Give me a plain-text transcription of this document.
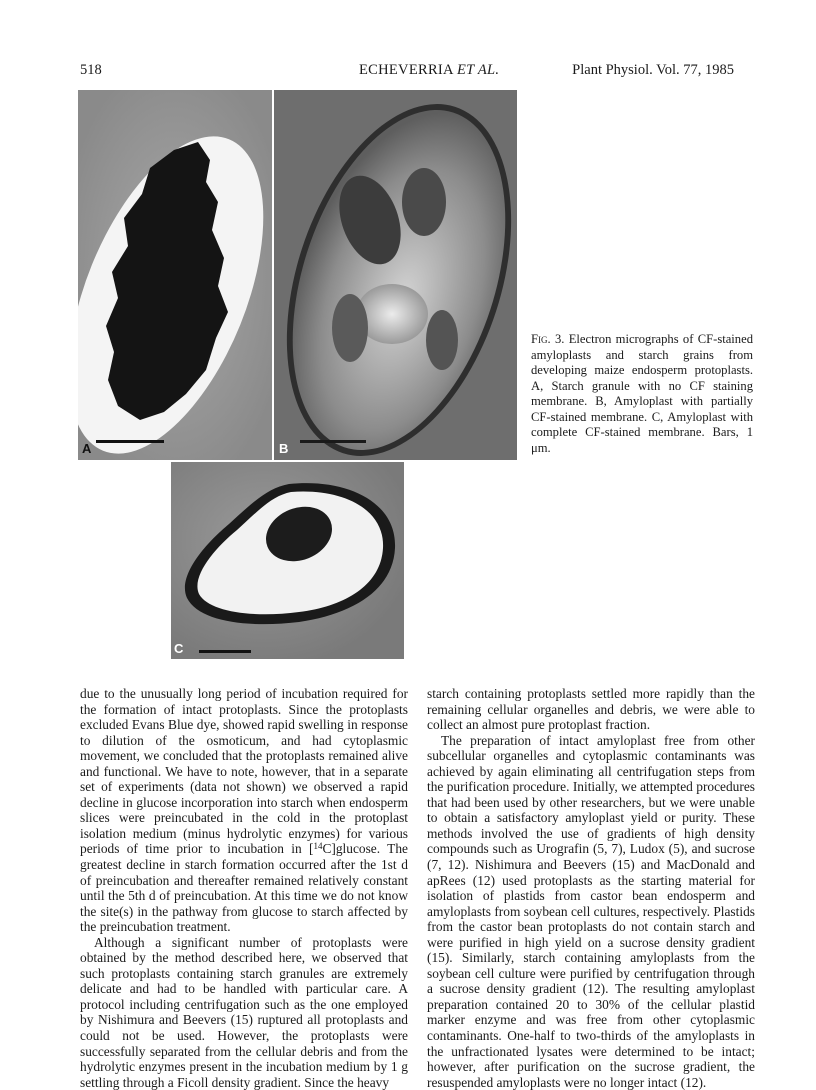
518	ECHEVERRIA ET AL.	Plant Physiol. Vol. 77, 1985
A	B
C
Fig. 3. Electron micrographs of CF-stained amyloplasts and starch grains from developing maize endosperm protoplasts. A, Starch granule with no CF staining membrane. B, Amyloplast with partially CF-stained membrane. C, Amyloplast with complete CF-stained membrane. Bars, 1 μm.

due to the unusually long period of incubation required for the formation of intact protoplasts. Since the protoplasts excluded Evans Blue dye, showed rapid swelling in response to dilution of the osmoticum, and had cytoplasmic movement, we concluded that the protoplasts remained alive and functional. We have to note, however, that in a separate set of experiments (data not shown) we observed a rapid decline in glucose incorporation into starch when endosperm slices were preincubated in the cold in the protoplast isolation medium (minus hydrolytic enzymes) for various periods of time prior to incubation in [$^{14}$C]glucose. The greatest decline in starch formation occurred after the 1st d of preincubation and thereafter remained relatively constant until the 5th d of preincubation. At this time we do not know the site(s) in the pathway from glucose to starch affected by the preincubation treatment.

Although a significant number of protoplasts were obtained by the method described here, we observed that such protoplasts containing starch granules are extremely delicate and had to be handled with particular care. A protocol including centrifugation such as the one employed by Nishimura and Beevers (15) ruptured all protoplasts and could not be used. However, the protoplasts were successfully separated from the cellular debris and from the hydrolytic enzymes present in the incubation medium by 1 g settling through a Ficoll density gradient. Since the heavy

starch containing protoplasts settled more rapidly than the remaining cellular organelles and debris, we were able to collect an almost pure protoplast fraction.

The preparation of intact amyloplast free from other subcellular organelles and cytoplasmic contaminants was achieved by again eliminating all centrifugation steps from the purification procedure. Initially, we attempted procedures that had been used by other researchers, but we were unable to obtain a satisfactory amyloplast yield or purity. These methods involved the use of gradients of high density compounds such as Urografin (5, 7), Ludox (5), and sucrose (7, 12). Nishimura and Beevers (15) and MacDonald and apRees (12) used protoplasts as the starting material for isolation of plastids from castor bean endosperm and amyloplasts from soybean cell cultures, respectively. Plastids from the castor bean protoplasts do not contain starch and were purified in high yield on a sucrose density gradient (15). Similarly, starch containing amyloplasts from the soybean cell culture were purified by centrifugation through a sucrose density gradient (12). The resulting amyloplast preparation contained 20 to 30% of the cellular plastid marker enzyme and was free from other cytoplasmic contaminants. One-half to two-thirds of the amyloplasts in the unfractionated lysates were determined to be intact; however, after purification on the sucrose gradient, the resuspended amyloplasts were no longer intact (12).
